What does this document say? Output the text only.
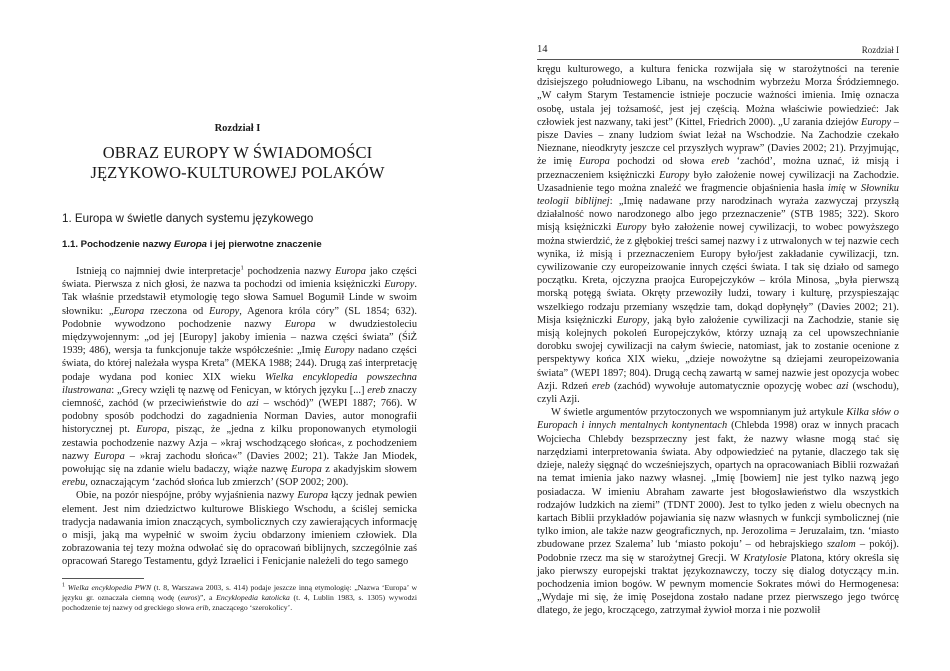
Rozdział I
OBRAZ EUROPY W ŚWIADOMOŚCI
JĘZYKOWO-KULTUROWEJ POLAKÓW
1. Europa w świetle danych systemu językowego
1.1. Pochodzenie nazwy Europa i jej pierwotne znaczenie

Istnieją co najmniej dwie interpretacje$^1$ pochodzenia nazwy Europa jako części świata. Pierwsza z nich głosi, że nazwa ta pochodzi od imienia księżniczki Europy. Tak właśnie przedstawił etymologię tego słowa Samuel Bogumił Linde w swoim słowniku: „Europa rzeczona od Europy, Agenora króla córy” (SL 1854; 632). Podobnie wywodzono pochodzenie nazwy Europa w dwudziestoleciu międzywojennym: „od jej [Europy] jakoby imienia – nazwa części świata” (ŚiŻ 1939; 486), wersja ta funkcjonuje także współcześnie: „Imię Europy nadano części świata, do której należała wyspa Kreta” (MEKA 1988; 244). Drugą zaś interpretację podaje wydana pod koniec XIX wieku Wielka encyklopedia powszechna ilustrowana: „Grecy wzięli tę nazwę od Fenicyan, w których języku [...] ereb znaczy ciemność, zachód (w przeciwieństwie do azi – wschód)” (WEPI 1887; 766). W podobny sposób podchodzi do zagadnienia Norman Davies, autor monografii historycznej pt. Europa, pisząc, że „jedna z kilku proponowanych etymologii zestawia pochodzenie nazwy Azja – »kraj wschodzącego słońca«, z pochodzeniem nazwy Europa – »kraj zachodu słońca«” (Davies 2002; 21). Także Jan Miodek, powołując się na zdanie wielu badaczy, wiąże nazwę Europa z akadyjskim słowem erebu, oznaczającym ‘zachód słońca lub zmierzch’ (SOP 2002; 200).

Obie, na pozór niespójne, próby wyjaśnienia nazwy Europa łączy jednak pewien element. Jest nim dziedzictwo kulturowe Bliskiego Wschodu, a ściślej semicka tradycja nadawania imion znaczących, symbolicznych czy zawierających informację o misji, jaką ma wypełnić w swoim życiu obdarzony imieniem człowiek. Dla zobrazowania tej tezy można odwołać się do opracowań biblijnych, szczególnie zaś opracowań Starego Testamentu, gdyż Izraelici i Fenicjanie należeli do tego samego

$^1$ Wielka encyklopedia PWN (t. 8, Warszawa 2003, s. 414) podaje jeszcze inną etymologię: „Nazwa ‘Europa’ w języku gr. oznaczała ciemną wodę (euros)”, a Encyklopedia katolicka (t. 4, Lublin 1983, s. 1305) wywodzi pochodzenie tej nazwy od greckiego słowa erib, znaczącego ‘szerokolicy’.
14	Rozdział I

kręgu kulturowego, a kultura fenicka rozwijała się w starożytności na terenie dzisiejszego południowego Libanu, na wschodnim wybrzeżu Morza Śródziemnego. „W całym Starym Testamencie istnieje poczucie ważności imienia. Imię oznacza osobę, ustala jej tożsamość, jest jej częścią. Można właściwie powiedzieć: Jak człowiek jest nazwany, taki jest” (Kittel, Friedrich 2000). „U zarania dziejów Europy – pisze Davies – znany ludziom świat leżał na Wschodzie. Na Zachodzie czekało Nieznane, nieodkryty jeszcze cel przyszłych wypraw” (Davies 2002; 21). Przyjmując, że imię Europa pochodzi od słowa ereb ‘zachód’, można uznać, iż misją i przeznaczeniem księżniczki Europy było założenie nowej cywilizacji na Zachodzie. Uzasadnienie tego można znaleźć we fragmencie objaśnienia hasła imię w Słowniku teologii biblijnej: „Imię nadawane przy narodzinach wyraża zazwyczaj przyszłą działalność nowo narodzonego albo jego przeznaczenie” (STB 1985; 322). Skoro misją księżniczki Europy było założenie nowej cywilizacji, to wobec powyższego można stwierdzić, że z głębokiej treści samej nazwy i z utrwalonych w tej nazwie cech wynika, iż misją i przeznaczeniem Europy było/jest zakładanie cywilizacji, tzn. cywilizowanie czy europeizowanie innych części świata. I tak się działo od samego początku. Kreta, ojczyzna praojca Europejczyków – króla Minosa, „była pierwszą morską potęgą świata. Okręty przewoziły ludzi, towary i kulturę, przyspieszając wszelkiego rodzaju przemiany wszędzie tam, dokąd dopłynęły” (Davies 2002; 21). Misja księżniczki Europy, jaką było założenie cywilizacji na Zachodzie, stanie się misją kolejnych pokoleń Europejczyków, którzy uznają za cel upowszechnianie dorobku swojej cywilizacji na całym świecie, natomiast, jak to zostanie ocenione z perspektywy końca XIX wieku, „dzieje nowożytne są dziejami zeuropeizowania świata” (WEPI 1897; 804). Drugą cechą zawartą w samej nazwie jest opozycja wobec Azji. Rdzeń ereb (zachód) wywołuje automatycznie opozycję wobec azi (wschodu), czyli Azji.

W świetle argumentów przytoczonych we wspomnianym już artykule Kilka słów o Europach i innych mentalnych kontynentach (Chlebda 1998) oraz w innych pracach Wojciecha Chlebdy bezsprzeczny jest fakt, że nazwy własne mogą stać się narzędziami interpretowania świata. Aby odpowiedzieć na pytanie, dlaczego tak się dzieje, należy sięgnąć do wcześniejszych, opartych na opracowaniach Biblii rozważań na temat imienia jako nazwy własnej. „Imię [bowiem] nie jest tylko nazwą jego posiadacza. W imieniu Abraham zawarte jest błogosławieństwo dla wszystkich rodzajów ludzkich na ziemi” (TDNT 2000). Jest to tylko jeden z wielu obecnych na kartach Biblii przykładów pojawiania się nazw własnych w funkcji symbolicznej (nie tylko imion, ale także nazw geograficznych, np. Jerozolima = Jeruzalaim, tzn. ‘miasto zbudowane przez Szalema’ lub ‘miasto pokoju’ – od hebrajskiego szalom – pokój). Podobnie rzecz ma się w starożytnej Grecji. W Kratylosie Platona, który określa się jako pierwszy europejski traktat językoznawczy, toczy się dialog dotyczący m.in. pochodzenia imion bogów. W pewnym momencie Sokrates mówi do Hermogenesa: „Wydaje mi się, że imię Posejdona zostało nadane przez pierwszego jego twórcę dlatego, że jego, kroczącego, zatrzymał żywioł morza i nie pozwolił
